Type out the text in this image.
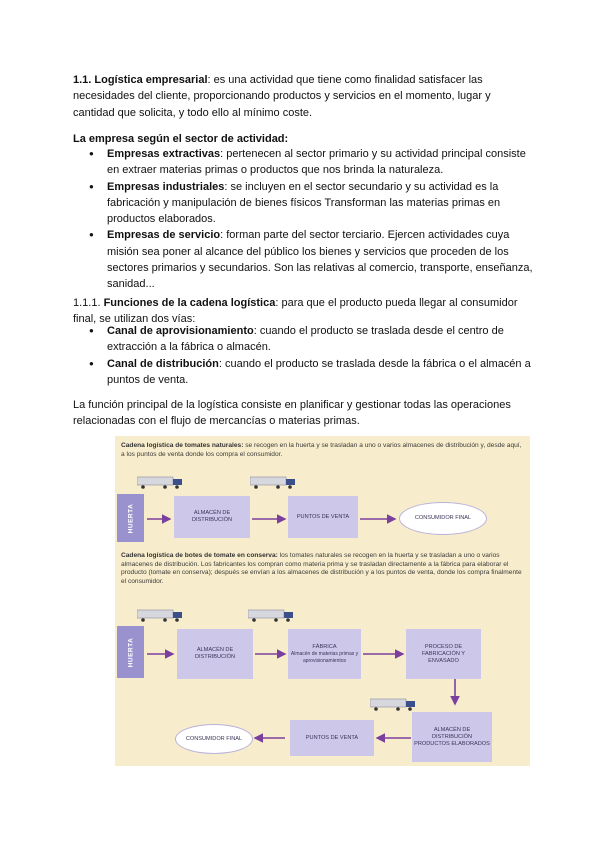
1.1. Logística empresarial: es una actividad que tiene como finalidad satisfacer las necesidades del cliente, proporcionando productos y servicios en el momento, lugar y cantidad que solicita, y todo ello al mínimo coste.
La empresa según el sector de actividad:
● Empresas extractivas: pertenecen al sector primario y su actividad principal consiste en extraer materias primas o productos que nos brinda la naturaleza.
● Empresas industriales: se incluyen en el sector secundario y su actividad es la fabricación y manipulación de bienes físicos Transforman las materias primas en productos elaborados.
● Empresas de servicio: forman parte del sector terciario. Ejercen actividades cuya misión sea poner al alcance del público los bienes y servicios que proceden de los sectores primarios y secundarios. Son las relativas al comercio, transporte, enseñanza, sanidad...
1.1.1. Funciones de la cadena logística: para que el producto pueda llegar al consumidor final, se utilizan dos vías:
● Canal de aprovisionamiento: cuando el producto se traslada desde el centro de extracción a la fábrica o almacén.
● Canal de distribución: cuando el producto se traslada desde la fábrica o el almacén a puntos de venta.
La función principal de la logística consiste en planificar y gestionar todas las operaciones relacionadas con el flujo de mercancías o materias primas.
Cadena logística de tomates naturales: se recogen en la huerta y se trasladan a uno o varios almacenes de distribución y, desde aquí, a los puntos de venta donde los compra el consumidor.
HUERTA	ALMACÉN DE DISTRIBUCIÓN
PUNTOS DE VENTA	CONSUMIDOR FINAL
Cadena logística de botes de tomate en conserva: los tomates naturales se recogen en la huerta y se trasladan a uno o varios almacenes de distribución. Los fabricantes los compran como materia prima y se trasladan directamente a la fábrica para elaborar el producto (tomate en conserva); después se envían a los almacenes de distribución y a los puntos de venta, donde los compra finalmente el consumidor.
HUERTA	ALMACÉN DE DISTRIBUCIÓN
FÁBRICA
Almacén de materias primas y aprovisionamientos
PROCESO DE FABRICACIÓN Y ENVASADO
ALMACÉN DE DISTRIBUCIÓN PRODUCTOS ELABORADOS
PUNTOS DE VENTA
CONSUMIDOR FINAL
